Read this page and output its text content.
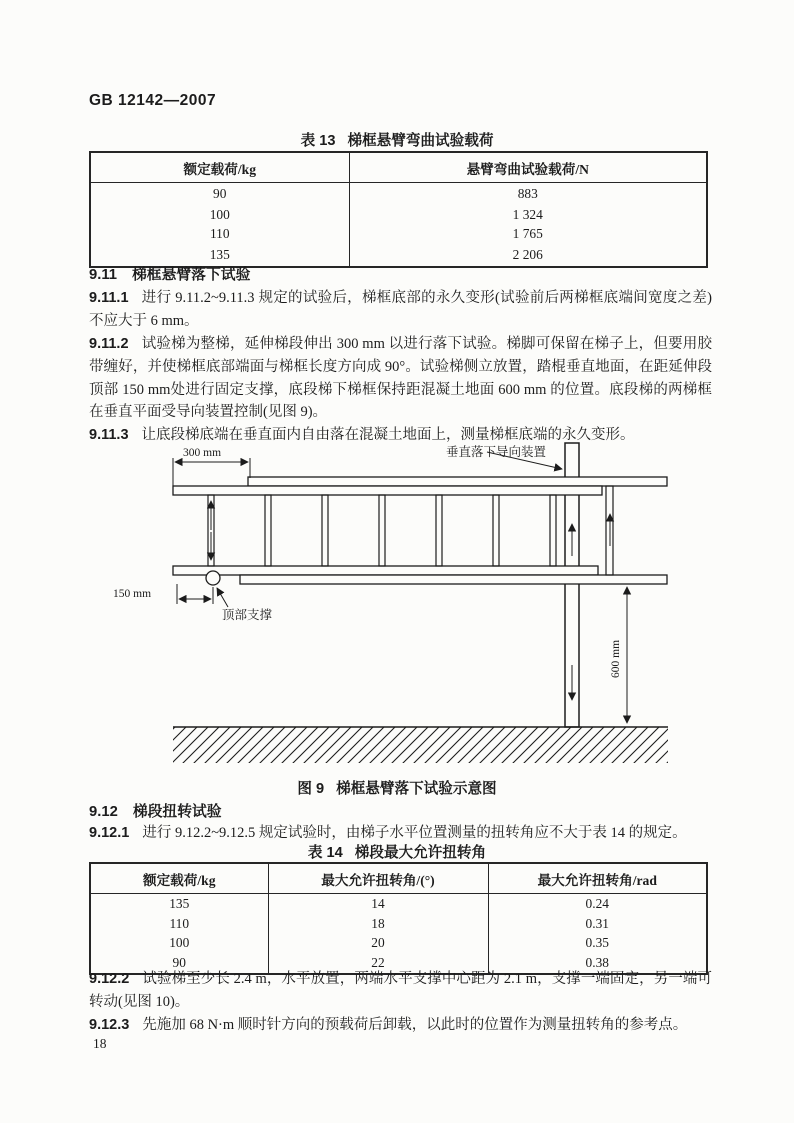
GB 12142—2007
表 13 梯框悬臂弯曲试验载荷
额定载荷/kg	悬臂弯曲试验载荷/N
90	883
100	1 324
110	1 765
135	2 206
9.11 梯框悬臂落下试验
9.11.1 进行 9.11.2~9.11.3 规定的试验后，梯框底部的永久变形(试验前后两梯框底端间宽度之差)不应大于 6 mm。
9.11.2 试验梯为整梯，延伸梯段伸出 300 mm 以进行落下试验。梯脚可保留在梯子上，但要用胶带缠好，并使梯框底部端面与梯框长度方向成 90°。试验梯侧立放置，踏棍垂直地面，在距延伸段顶部 150 mm处进行固定支撑，底段梯下梯框保持距混凝土地面 600 mm 的位置。底段梯的两梯框在垂直平面受导向装置控制(见图 9)。
9.11.3 让底段梯底端在垂直面内自由落在混凝土地面上，测量梯框底端的永久变形。
300 mm
150 mm
600 mm
顶部支撑
垂直落下导向装置
图 9 梯框悬臂落下试验示意图
9.12 梯段扭转试验
9.12.1 进行 9.12.2~9.12.5 规定试验时，由梯子水平位置测量的扭转角应不大于表 14 的规定。
表 14 梯段最大允许扭转角
额定载荷/kg	最大允许扭转角/(°)	最大允许扭转角/rad
135	14	0.24
110	18	0.31
100	20	0.35
90	22	0.38
9.12.2 试验梯至少长 2.4 m，水平放置，两端水平支撑中心距为 2.1 m，支撑一端固定，另一端可转动(见图 10)。
9.12.3 先施加 68 N·m 顺时针方向的预载荷后卸载，以此时的位置作为测量扭转角的参考点。
18
